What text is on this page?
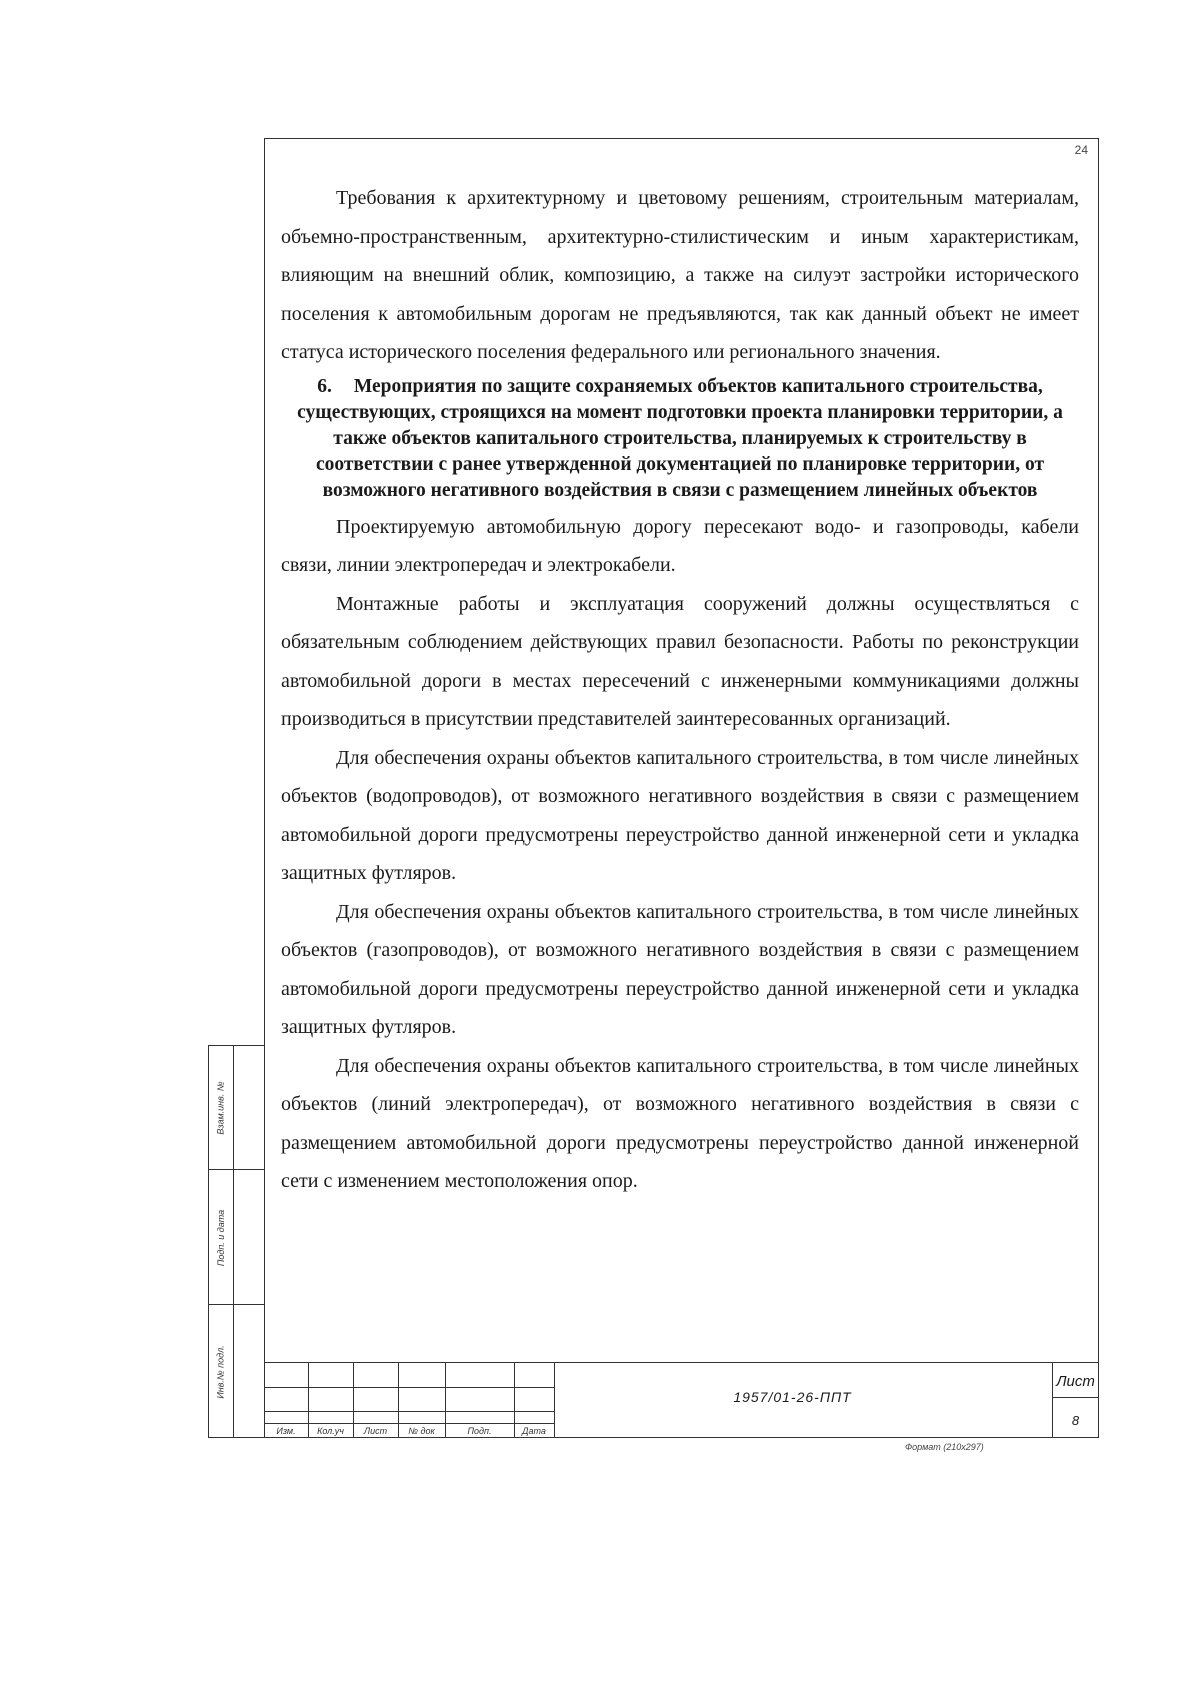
24

Требования к архитектурному и цветовому решениям, строительным материалам, объемно-пространственным, архитектурно-стилистическим и иным характеристикам, влияющим на внешний облик, композицию, а также на силуэт застройки исторического поселения к автомобильным дорогам не предъявляются, так как данный объект не имеет статуса исторического поселения федерального или регионального значения.

6. Мероприятия по защите сохраняемых объектов капитального строительства, существующих, строящихся на момент подготовки проекта планировки территории, а также объектов капитального строительства, планируемых к строительству в соответствии с ранее утвержденной документацией по планировке территории, от возможного негативного воздействия в связи с размещением линейных объектов

Проектируемую автомобильную дорогу пересекают водо- и газопроводы, кабели связи, линии электропередач и электрокабели.

Монтажные работы и эксплуатация сооружений должны осуществляться с обязательным соблюдением действующих правил безопасности. Работы по реконструкции автомобильной дороги в местах пересечений с инженерными коммуникациями должны производиться в присутствии представителей заинтересованных организаций.

Для обеспечения охраны объектов капитального строительства, в том числе линейных объектов (водопроводов), от возможного негативного воздействия в связи с размещением автомобильной дороги предусмотрены переустройство данной инженерной сети и укладка защитных футляров.

Для обеспечения охраны объектов капитального строительства, в том числе линейных объектов (газопроводов), от возможного негативного воздействия в связи с размещением автомобильной дороги предусмотрены переустройство данной инженерной сети и укладка защитных футляров.

Для обеспечения охраны объектов капитального строительства, в том числе линейных объектов (линий электропередач), от возможного негативного воздействия в связи с размещением автомобильной дороги предусмотрены переустройство данной инженерной сети с изменением местоположения опор.

Взам.инв. №
Подп. и дата
Инв.№ подл.
Изм.	Кол.уч	Лист	№ док	Подп.	Дата
1957/01-26-ППТ
Лист
8
Формат (210х297)
